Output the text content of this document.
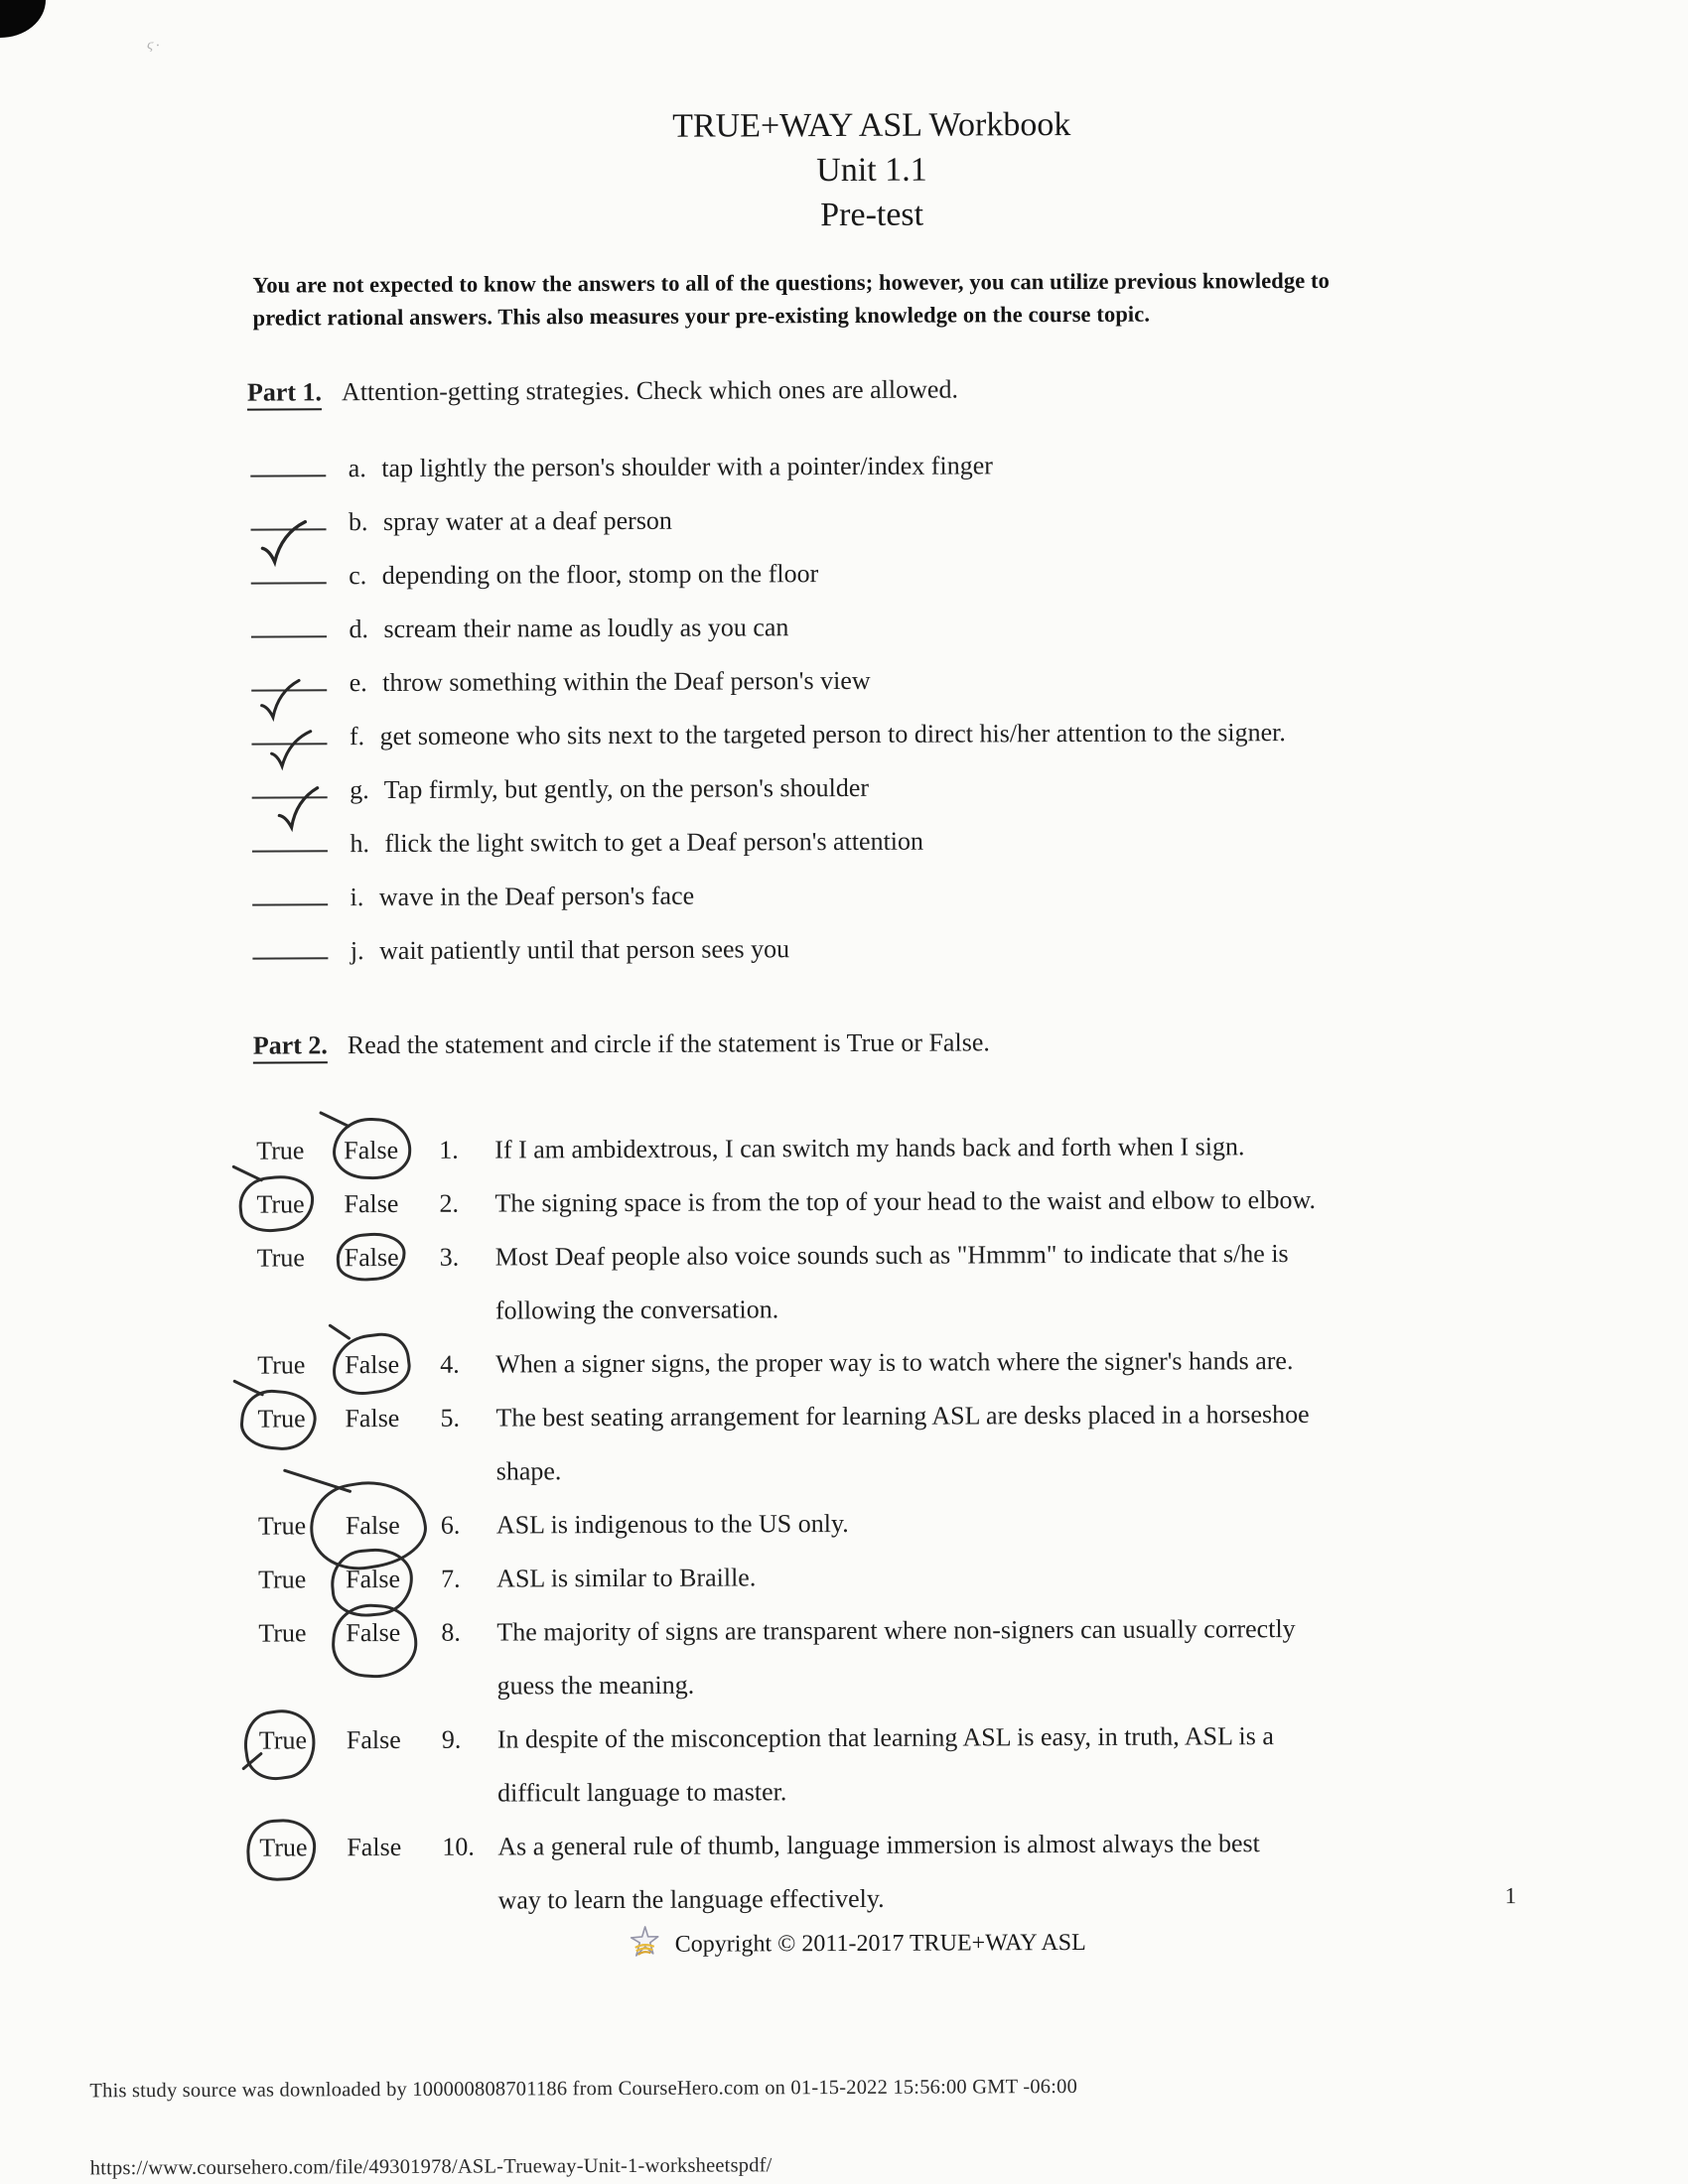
ϛ·
TRUE+WAY ASL Workbook
Unit 1.1
Pre-test
You are not expected to know the answers to all of the questions; however, you can utilize previous knowledge to
predict rational answers. This also measures your pre-existing knowledge on the course topic.
Part 1. Attention-getting strategies. Check which ones are allowed.
a. tap lightly the person's shoulder with a pointer/index finger
b. spray water at a deaf person
c. depending on the floor, stomp on the floor
d. scream their name as loudly as you can
e. throw something within the Deaf person's view
f. get someone who sits next to the targeted person to direct his/her attention to the signer.
g. Tap firmly, but gently, on the person's shoulder
h. flick the light switch to get a Deaf person's attention
i. wave in the Deaf person's face
j. wait patiently until that person sees you
Part 2. Read the statement and circle if the statement is True or False.
True	False	1.	If I am ambidextrous, I can switch my hands back and forth when I sign.
True	False	2.	The signing space is from the top of your head to the waist and elbow to elbow.
True	False	3.	Most Deaf people also voice sounds such as "Hmmm" to indicate that s/he is
following the conversation.
True	False	4.	When a signer signs, the proper way is to watch where the signer's hands are.
True	False	5.	The best seating arrangement for learning ASL are desks placed in a horseshoe
shape.
True	False	6.	ASL is indigenous to the US only.
True	False	7.	ASL is similar to Braille.
True	False	8.	The majority of signs are transparent where non-signers can usually correctly
guess the meaning.
True	False	9.	In despite of the misconception that learning ASL is easy, in truth, ASL is a
difficult language to master.
True	False	10. As a general rule of thumb, language immersion is almost always the best
way to learn the language effectively.	1
Copyright © 2011-2017 TRUE+WAY ASL
This study source was downloaded by 100000808701186 from CourseHero.com on 01-15-2022 15:56:00 GMT -06:00
https://www.coursehero.com/file/49301978/ASL-Trueway-Unit-1-worksheetspdf/
